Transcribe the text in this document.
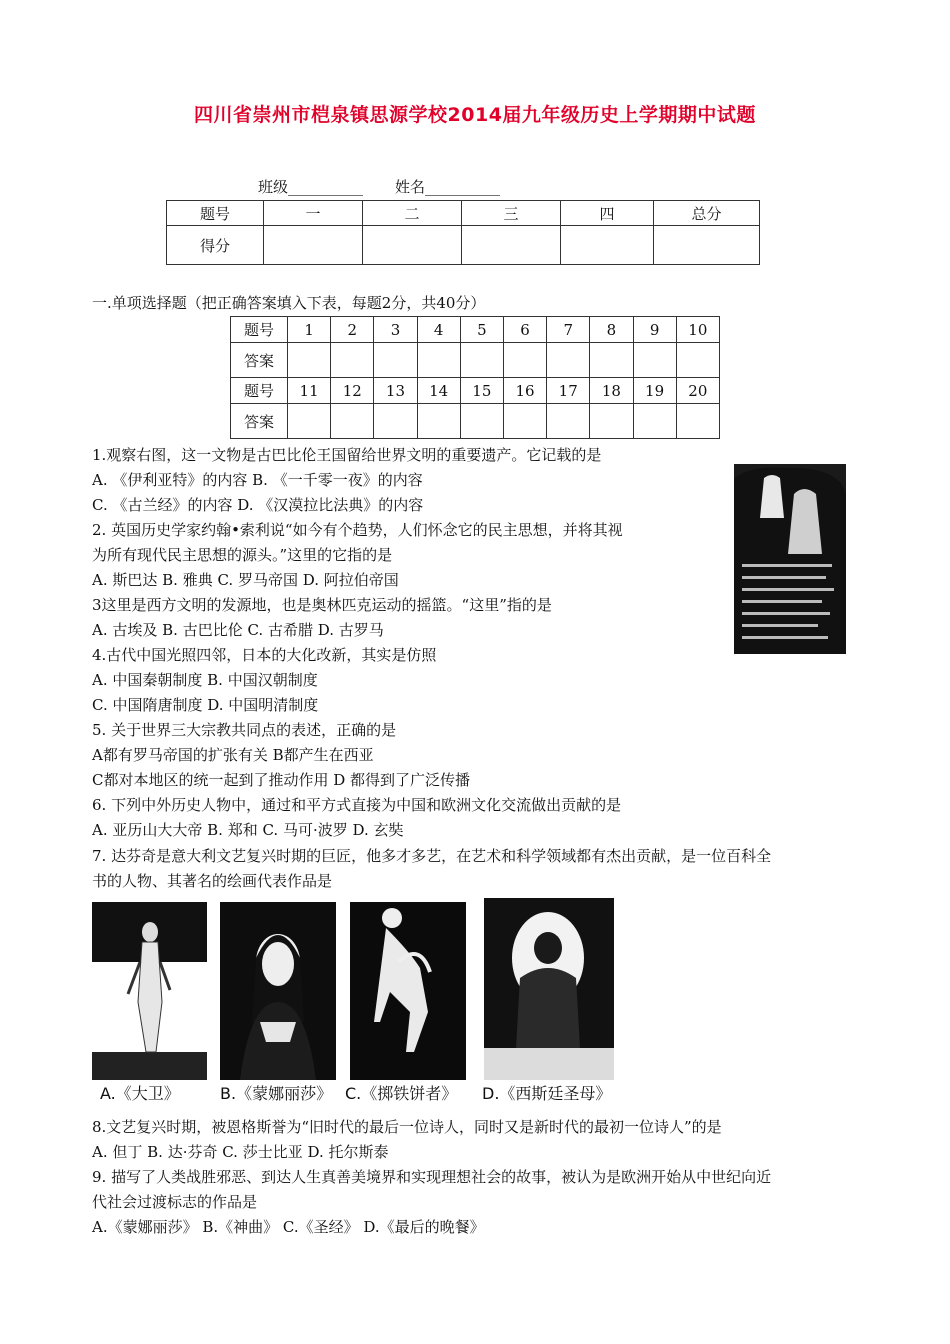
四川省崇州市桤泉镇思源学校2014届九年级历史上学期期中试题
班级__________ 姓名__________
题号	一	二	三	四	总分
得分					
一.单项选择题（把正确答案填入下表，每题2分，共40分）
题号	1	2	3	4	5	6	7	8	9	10
答案										
题号	11	12	13	14	15	16	17	18	19	20
答案										
1.观察右图，这一文物是古巴比伦王国留给世界文明的重要遗产。它记载的是
A. 《伊利亚特》的内容 B. 《一千零一夜》的内容
C. 《古兰经》的内容 D. 《汉漠拉比法典》的内容
2. 英国历史学家约翰•索利说“如今有个趋势，人们怀念它的民主思想，并将其视
为所有现代民主思想的源头。”这里的它指的是
A. 斯巴达 B. 雅典 C. 罗马帝国 D. 阿拉伯帝国
3这里是西方文明的发源地，也是奥林匹克运动的摇篮。“这里”指的是
A. 古埃及 B. 古巴比伦 C. 古希腊 D. 古罗马
4.古代中国光照四邻，日本的大化改新，其实是仿照
A. 中国秦朝制度 B. 中国汉朝制度
C. 中国隋唐制度 D. 中国明清制度
5. 关于世界三大宗教共同点的表述，正确的是
A都有罗马帝国的扩张有关 B都产生在西亚
C都对本地区的统一起到了推动作用 D 都得到了广泛传播
6. 下列中外历史人物中，通过和平方式直接为中国和欧洲文化交流做出贡献的是
A. 亚历山大大帝 B. 郑和 C. 马可·波罗 D. 玄奘
7. 达芬奇是意大利文艺复兴时期的巨匠，他多才多艺，在艺术和科学领域都有杰出贡献，是一位百科全
书的人物、其著名的绘画代表作品是
A.《大卫》	B.《蒙娜丽莎》 C.《掷铁饼者》 D.《西斯廷圣母》
8.文艺复兴时期，被恩格斯誉为“旧时代的最后一位诗人，同时又是新时代的最初一位诗人”的是
A. 但丁 B. 达·芬奇 C. 莎士比亚 D. 托尔斯泰
9. 描写了人类战胜邪恶、到达人生真善美境界和实现理想社会的故事，被认为是欧洲开始从中世纪向近
代社会过渡标志的作品是
A.《蒙娜丽莎》 B.《神曲》 C.《圣经》 D.《最后的晚餐》
